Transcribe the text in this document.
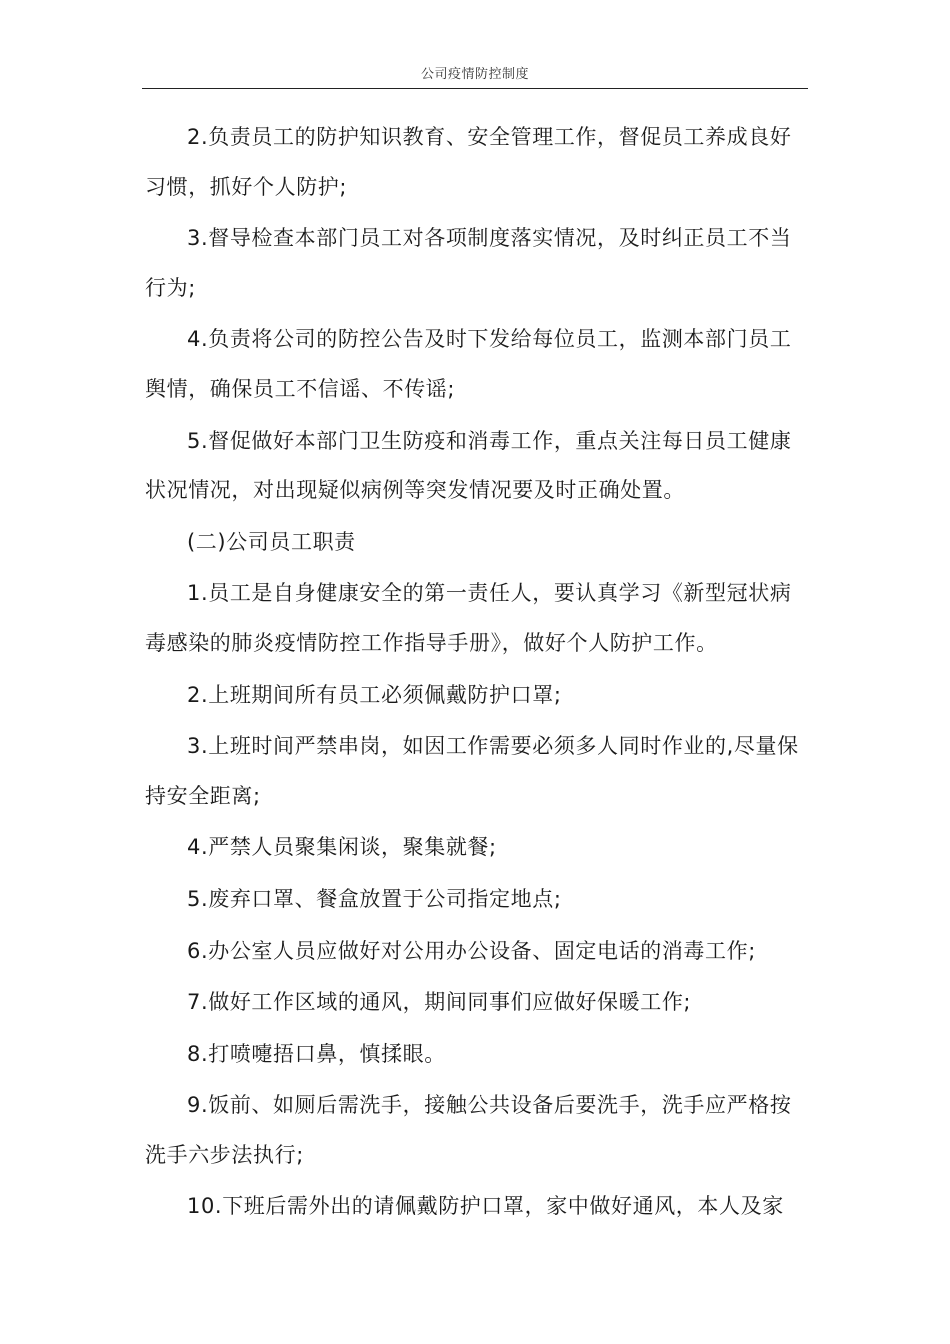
公司疫情防控制度

2.负责员工的防护知识教育、安全管理工作，督促员工养成良好习惯，抓好个人防护;

3.督导检查本部门员工对各项制度落实情况，及时纠正员工不当行为;

4.负责将公司的防控公告及时下发给每位员工，监测本部门员工舆情，确保员工不信谣、不传谣;

5.督促做好本部门卫生防疫和消毒工作，重点关注每日员工健康状况情况，对出现疑似病例等突发情况要及时正确处置。

(二)公司员工职责

1.员工是自身健康安全的第一责任人，要认真学习《新型冠状病毒感染的肺炎疫情防控工作指导手册》，做好个人防护工作。

2.上班期间所有员工必须佩戴防护口罩;

3.上班时间严禁串岗，如因工作需要必须多人同时作业的,尽量保持安全距离;

4.严禁人员聚集闲谈，聚集就餐;

5.废弃口罩、餐盒放置于公司指定地点;

6.办公室人员应做好对公用办公设备、固定电话的消毒工作;

7.做好工作区域的通风，期间同事们应做好保暖工作;

8.打喷嚏捂口鼻，慎揉眼。

9.饭前、如厕后需洗手，接触公共设备后要洗手，洗手应严格按洗手六步法执行;

10.下班后需外出的请佩戴防护口罩，家中做好通风，本人及家
